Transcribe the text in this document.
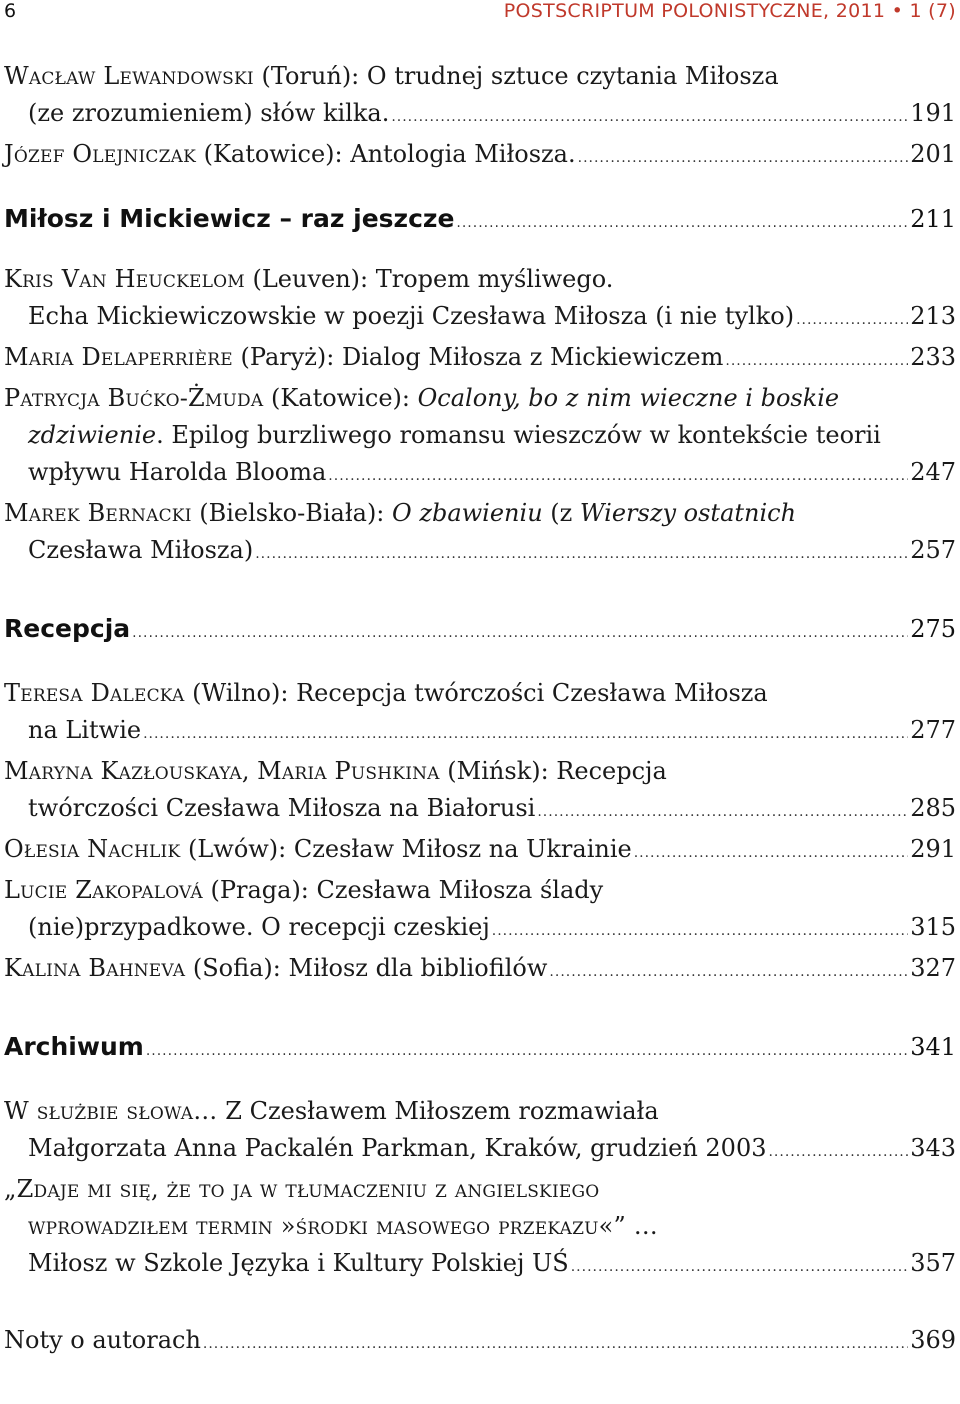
6	POSTSCRIPTUM POLONISTYCZNE, 2011 • 1 (7)
Wacław Lewandowski (Toruń): O trudnej sztuce czytania Miłosza
(ze zrozumieniem) słów kilka. .....	191
Józef Olejniczak (Katowice): Antologia Miłosza. .....	201
Miłosz i Mickiewicz – raz jeszcze .....	211
Kris Van Heuckelom (Leuven): Tropem myśliwego.
Echa Mickiewiczowskie w poezji Czesława Miłosza (i nie tylko) .....	213
Maria Delaperrière (Paryż): Dialog Miłosza z Mickiewiczem .....	233
Patrycja Bućko-Żmuda (Katowice): Ocalony, bo z nim wieczne i boskie
zdziwienie. Epilog burzliwego romansu wieszczów w kontekście teorii
wpływu Harolda Blooma .....	247
Marek Bernacki (Bielsko-Biała): O zbawieniu (z Wierszy ostatnich
Czesława Miłosza) .....	257
Recepcja .....	275
Teresa Dalecka (Wilno): Recepcja twórczości Czesława Miłosza
na Litwie .....	277
Maryna Kazłouskaya, Maria Pushkina (Mińsk): Recepcja
twórczości Czesława Miłosza na Białorusi .....	285
Ołesia Nachlik (Lwów): Czesław Miłosz na Ukrainie .....	291
Lucie Zakopalová (Praga): Czesława Miłosza ślady
(nie)przypadkowe. O recepcji czeskiej .....	315
Kalina Bahneva (Sofia): Miłosz dla bibliofilów .....	327
Archiwum .....	341
W służbie słowa… Z Czesławem Miłoszem rozmawiała
Małgorzata Anna Packalén Parkman, Kraków, grudzień 2003 .....	343
„Zdaje mi się, że to ja w tłumaczeniu z angielskiego
wprowadziłem termin »środki masowego przekazu«” …
Miłosz w Szkole Języka i Kultury Polskiej UŚ .....	357
Noty o autorach .....	369
